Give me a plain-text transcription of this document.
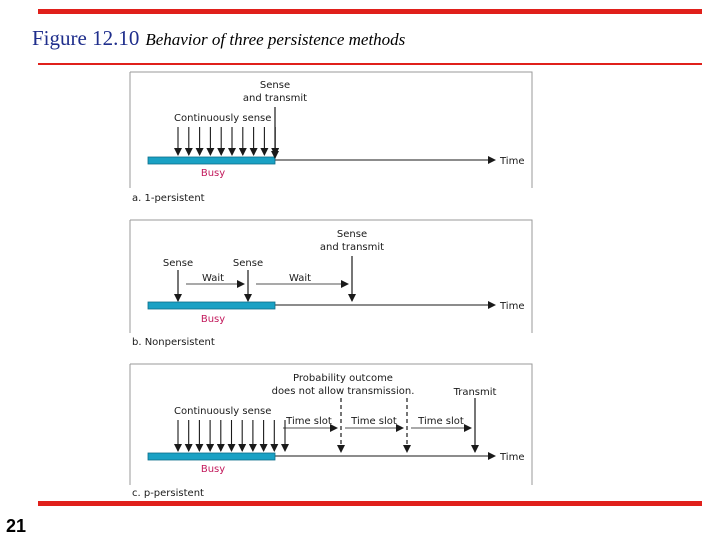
Figure 12.10 Behavior of three persistence methods
Sense
and transmit
Continuously sense
Busy
Time
a. 1-persistent
Sense	Sense
Wait	Wait
Sense
and transmit
Busy
Time
b. Nonpersistent
Probability outcome
does not allow transmission.	Transmit
Continuously sense
Time slot Time slot Time slot
Busy
Time
c. p-persistent
21
